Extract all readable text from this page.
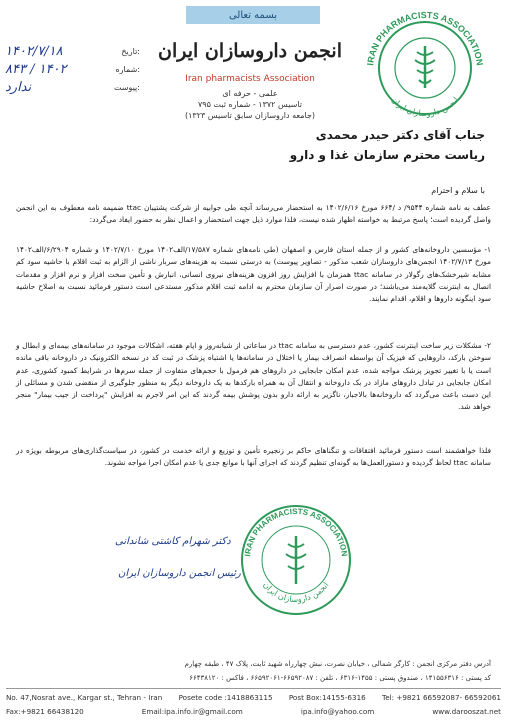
بسمه تعالی
۱۴۰۲/۷/۱۸	تاریخ:
۸۴۳ / ۱۴۰۲	شماره:
ندارد	پیوست:
انجمن داروسازان ایران
Iran pharmacists Association
علمی - حرفه ای
تاسیس ۱۳۷۲ - شماره ثبت ۷۹۵
(جامعه داروسازان سابق تاسیس ۱۳۲۳)
IRAN PHARMACISTS ASSOCIATION
انجمن داروسازان ایران
جناب آقای دکتر حیدر محمدی
ریاست محترم سازمان غذا و دارو
با سلام و احترام
عطف به نامه شماره ۹۵۴۴/ د /۶۶۴ مورخ ۱۴۰۲/۶/۱۶ به استحضار می‌رساند آنچه طی جوابیه از شرکت پشتیبان ttac ضمیمه نامه معطوف به این انجمن واصل گردیده است؛ پاسخ مرتبط به خواسته اظهار شده نیست، فلذا موارد ذیل جهت استحضار و اعمال نظر به حضور ایفاد می‌گردد:
۱- مؤسسین داروخانه‌های کشور و از جمله استان فارس و اصفهان (طی نامه‌های شماره ۱۷/۵۸۷/الف۱۴۰۲ مورخ ۱۴۰۲/۷/۱۰ و شماره ۶/۲۹۰۴/الف۱۴۰۲ مورخ ۱۴۰۲/۷/۱۳ انجمن‌های داروسازان شعب مذکور - تصاویر پیوست) به درستی نسبت به هزینه‌های سربار ناشی از الزام به ثبت اقلام با حاشیه سود کم مشابه شیرخشک‌های رگولار در سامانه ttac همزمان با افزایش روز افزون هزینه‌های نیروی انسانی، انبارش و تأمین سخت افزار و نرم افزار و مقدمات اتصال به اینترنت گلایه‌مند می‌باشند؛ در صورت اصرار آن سازمان محترم به ادامه ثبت اقلام مذکور مستدعی است دستور فرمائید نسبت به اصلاح حاشیه سود اینگونه داروها و اقلام، اقدام نمایند.
۲- مشکلات زیر ساخت اینترنت کشور، عدم دسترسی به سامانه ttac در ساعاتی از شبانه‌روز و ایام هفته، اشکالات موجود در سامانه‌های بیمه‌ای و ابطال و سوختن بارکد، داروهایی که فیزیک آن بواسطه انصراف بیمار یا اختلال در سامانه‌ها یا اشتباه پزشک در ثبت کد در نسخه الکترونیک در داروخانه باقی مانده است یا با تغییر تجویز پزشک مواجه شده، عدم امکان جابجایی در داروهای هم فرمول با حجم‌های متفاوت از جمله سرم‌ها در شرایط کمبود کشوری، عدم امکان جابجایی در تبادل داروهای مازاد در بک داروخانه و انتقال آن به همراه بارکدها به یک داروخانه دیگر به منظور جلوگیری از منقضی شدن و مسائلی از این دست باعث می‌گردد که داروخانه‌ها بالاجبار، ناگزیر به ارائه دارو بدون پوشش بیمه گردند که این امر لاجرم به افزایش "پرداخت از جیب بیمار" منجر خواهد شد.
فلذا خواهشمند است دستور فرمائید افتقاقات و تنگناهای حاکم بر زنجیره تأمین و توزیع و ارائه خدمت در کشور، در سیاست‌گذاری‌های مربوطه بویژه در سامانه ttac لحاظ گردیده و دستورالعمل‌ها به گونه‌ای تنظیم گردند که اجرای آنها با موانع جدی یا عدم امکان اجرا مواجه نشوند.
دکتر شهرام کاشتی شاندانی
رئیس انجمن داروسازان ایران
IRAN PHARMACISTS ASSOCIATION
انجمن داروسازان ایران
آدرس دفتر مرکزی انجمن : کارگر شمالی ، خیابان نصرت، نبش چهارراه شهید ثابت، پلاک ۴۷ ، طبقه چهارم
کد پستی : ۱۴۱۵۵۶۳۱۶ ، صندوق پستی : ۱۴۵۵-۶۳۱۶ ، تلفن : ۶۶۵۹۲۰۸۷-۶۶۵۹۲۰۶۱ ، فاکس : ۶۶۴۳۸۱۲۰
No. 47,Nosrat ave., Kargar st., Tehran - Iran Posete code :1418863115 Post Box:14155-6316 Tel: +9821 66592087- 66592061
Fax:+9821 66438120	Email:ipa.info.ir@gmail.com	ipa.info@yahoo.com	www.darooszat.net
